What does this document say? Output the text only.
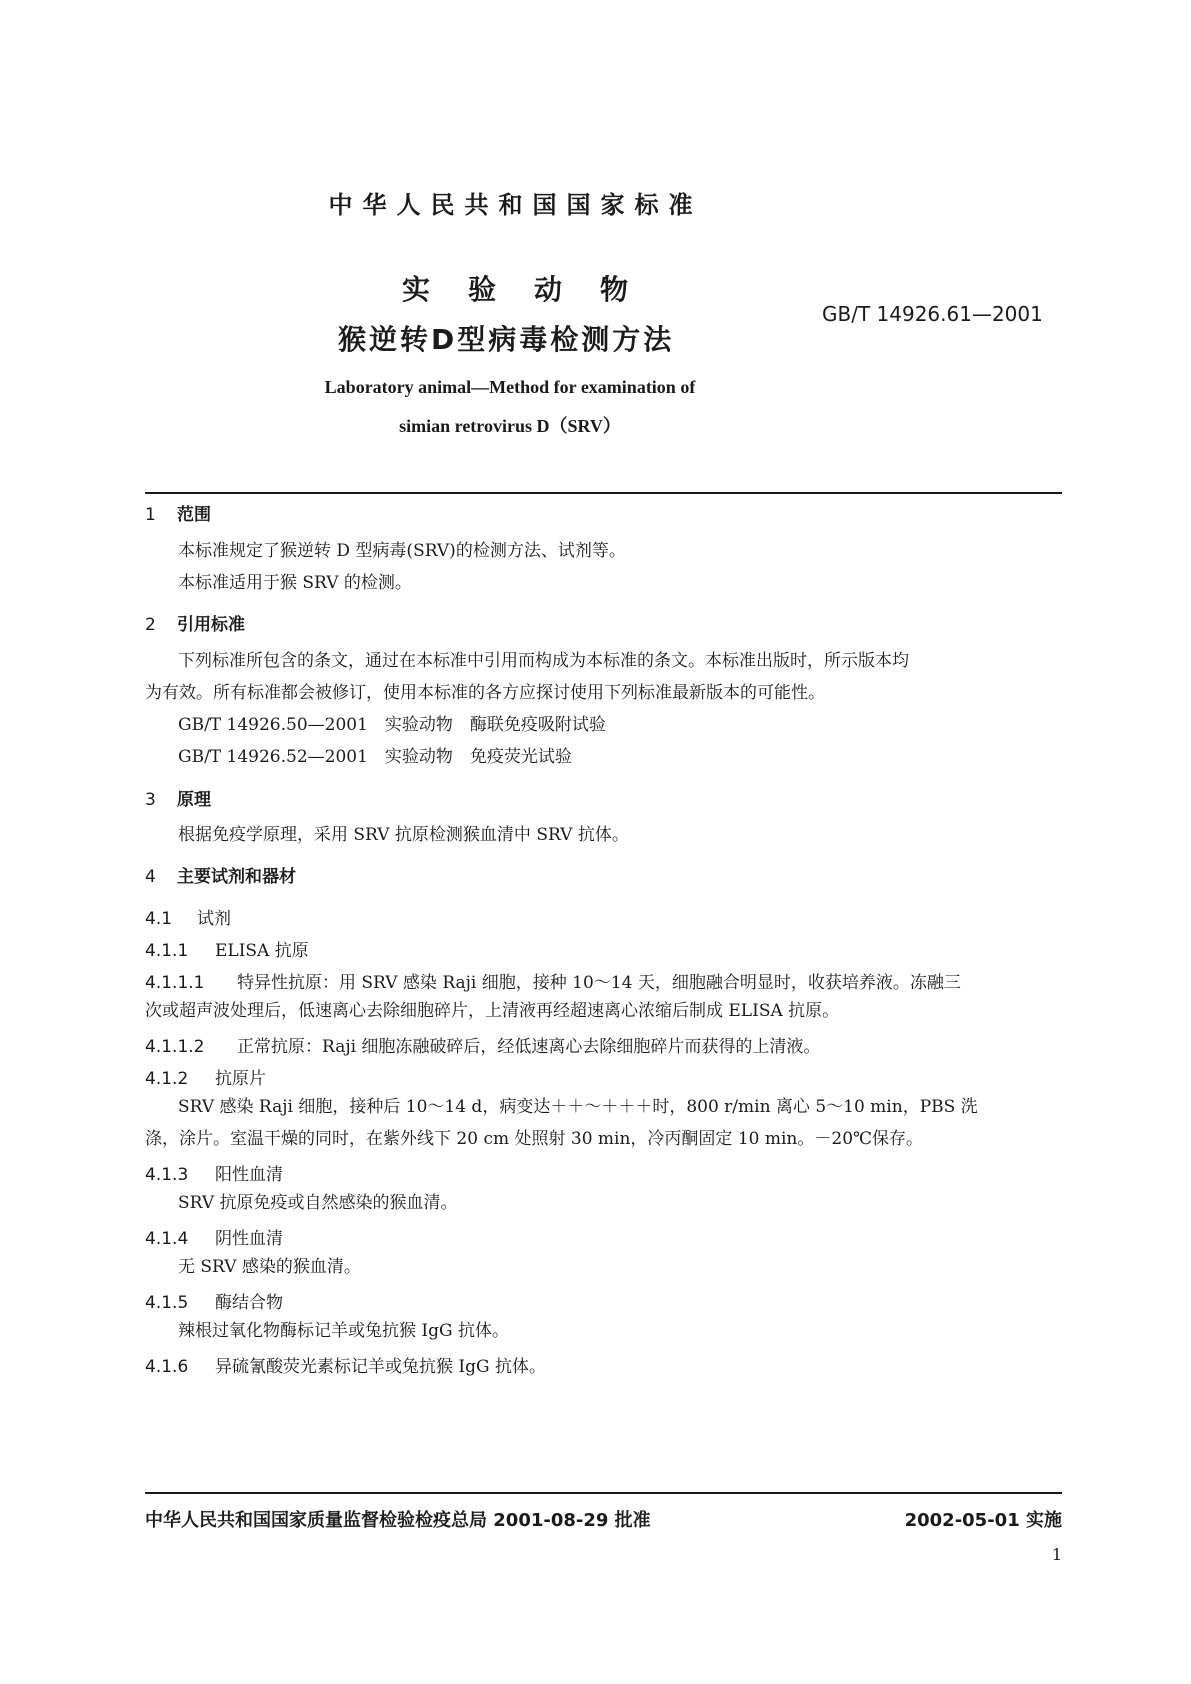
中华人民共和国国家标准
实验动物
猴逆转D型病毒检测方法
GB/T 14926.61—2001
Laboratory animal—Method for examination of
simian retrovirus D（SRV）
1 范围
本标准规定了猴逆转 D 型病毒(SRV)的检测方法、试剂等。
本标准适用于猴 SRV 的检测。
2 引用标准
下列标准所包含的条文，通过在本标准中引用而构成为本标准的条文。本标准出版时，所示版本均
为有效。所有标准都会被修订，使用本标准的各方应探讨使用下列标准最新版本的可能性。
GB/T 14926.50—2001　实验动物　酶联免疫吸附试验
GB/T 14926.52—2001　实验动物　免疫荧光试验
3 原理
根据免疫学原理，采用 SRV 抗原检测猴血清中 SRV 抗体。
4 主要试剂和器材
4.1 试剂
4.1.1 ELISA 抗原
4.1.1.1 特异性抗原：用 SRV 感染 Raji 细胞，接种 10～14 天，细胞融合明显时，收获培养液。冻融三
次或超声波处理后，低速离心去除细胞碎片，上清液再经超速离心浓缩后制成 ELISA 抗原。
4.1.1.2 正常抗原：Raji 细胞冻融破碎后，经低速离心去除细胞碎片而获得的上清液。
4.1.2 抗原片
SRV 感染 Raji 细胞，接种后 10～14 d，病变达＋＋～＋＋＋时，800 r/min 离心 5～10 min，PBS 洗
涤，涂片。室温干燥的同时，在紫外线下 20 cm 处照射 30 min，冷丙酮固定 10 min。－20℃保存。
4.1.3 阳性血清
SRV 抗原免疫或自然感染的猴血清。
4.1.4 阴性血清
无 SRV 感染的猴血清。
4.1.5 酶结合物
辣根过氧化物酶标记羊或兔抗猴 IgG 抗体。
4.1.6 异硫氰酸荧光素标记羊或兔抗猴 IgG 抗体。
中华人民共和国国家质量监督检验检疫总局 2001-08-29 批准	2002-05-01 实施
1
